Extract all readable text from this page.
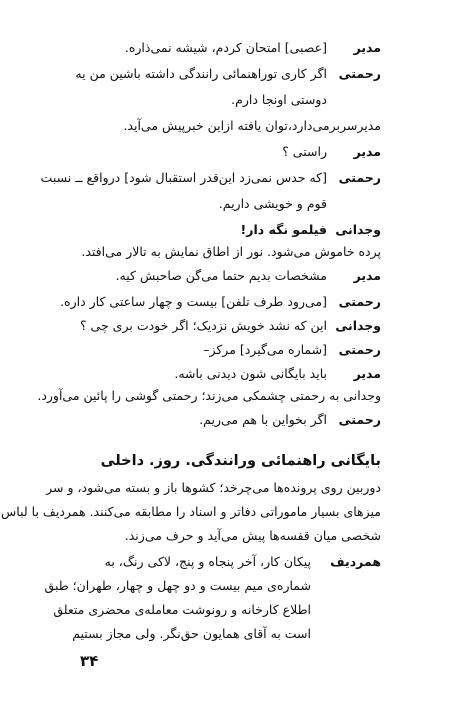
مدیر
[عصبی] امتحان کردم، شیشه نمی‌ذاره.
رحمتی
اگر کاری توراهنمائی رانندگی داشته باشین من یه
دوستی اونجا دارم.
مدیرسربرمی‌دارد،توان یافته ازاین خبرپیش می‌آید.
مدیر
راستی ؟
رحمتی
[که حدس نمی‌زد این‌قدر استقبال شود] درواقع ــ نسبت
قوم و خویشی داریم.
وجدانی
فیلمو نگه دار!
پرده خاموش می‌شود. نور از اطاق نمایش به تالار می‌افتد.
مدیر
مشخصات بدیم حتما می‌گن صاحبش کیه.
رحمتی
[می‌رود طرف تلفن] بیست و چهار ساعتی کار داره.
وجدانی
این که نشد خویش نزدیک؛ اگر خودت بری چی ؟
رحمتی
[شماره می‌گیرد] مرکز–
مدیر
باید بایگانی شون دیدنی باشه.
وجدانی به رحمتی چشمکی می‌زند؛ رحمتی گوشی را پائین می‌آورد.
رحمتی
اگر بخواین با هم می‌ریم.
بایگانی راهنمائی ورانندگی. روز. داخلی
دوربین روی پرونده‌ها می‌چرخد؛ کشوها باز و بسته می‌شود، و سر
میزهای بسیار ماموراتی دفاتر و اسناد را مطابقه می‌کنند. همردیف با لباس
شخصی میان قفسه‌ها پیش می‌آید و حرف می‌زند.
همردیف
پیکان کار، آخر پنجاه و پنج، لاکی رنگ، به
شماره‌ی میم بیست و دو چهل و چهار، طهران؛ طبق
اطلاع کارخانه و رونوشت معامله‌ی محضری متعلق
است به آقای همایون حق‌نگر. ولی مجاز بستیم
۳۴
